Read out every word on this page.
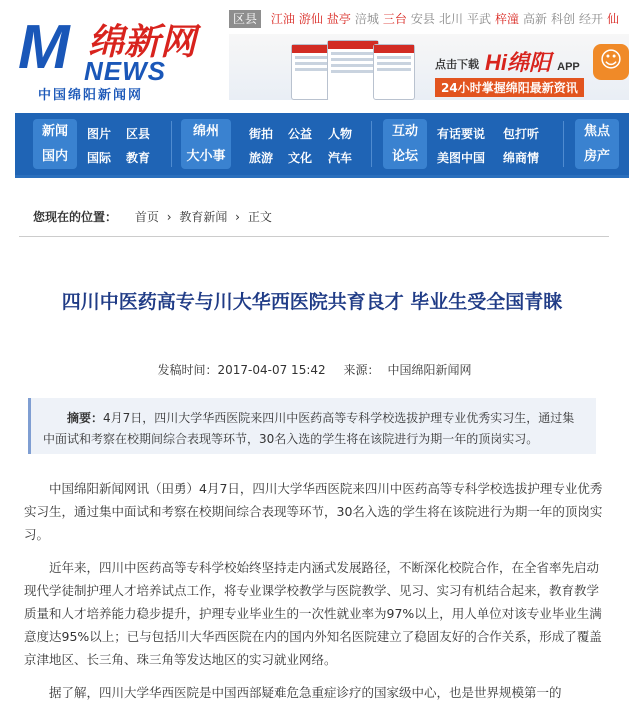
M 绵新网
NEWS
中国绵阳新闻网
区县 江油 游仙 盐亭 涪城 三台 安县 北川 平武 梓潼 高新 科创 经开 仙
点击下载 Hi绵阳 APP
24小时掌握绵阳最新资讯
☺
新闻
国内
图片 区县
国际 教育
绵州
大小事
街拍 公益 人物
旅游 文化 汽车
互动
论坛
有话要说 包打听
美图中国 绵商情
焦点
房产
您现在的位置： 首页 › 教育新闻 › 正文
四川中医药高专与川大华西医院共育良才 毕业生受全国青睐
发稿时间：2017-04-07 15:42 来源： 中国绵阳新闻网
摘要：4月7日，四川大学华西医院来四川中医药高等专科学校选拔护理专业优秀实习生，通过集中面试和考察在校期间综合表现等环节，30名入选的学生将在该院进行为期一年的顶岗实习。

中国绵阳新闻网讯（田勇）4月7日，四川大学华西医院来四川中医药高等专科学校选拔护理专业优秀实习生，通过集中面试和考察在校期间综合表现等环节，30名入选的学生将在该院进行为期一年的顶岗实习。

近年来，四川中医药高等专科学校始终坚持走内涵式发展路径，不断深化校院合作，在全省率先启动现代学徒制护理人才培养试点工作，将专业课学校教学与医院教学、见习、实习有机结合起来，教育教学质量和人才培养能力稳步提升，护理专业毕业生的一次性就业率为97%以上，用人单位对该专业毕业生满意度达95%以上；已与包括川大华西医院在内的国内外知名医院建立了稳固友好的合作关系，形成了覆盖京津地区、长三角、珠三角等发达地区的实习就业网络。

据了解，四川大学华西医院是中国西部疑难危急重症诊疗的国家级中心，也是世界规模第一的
